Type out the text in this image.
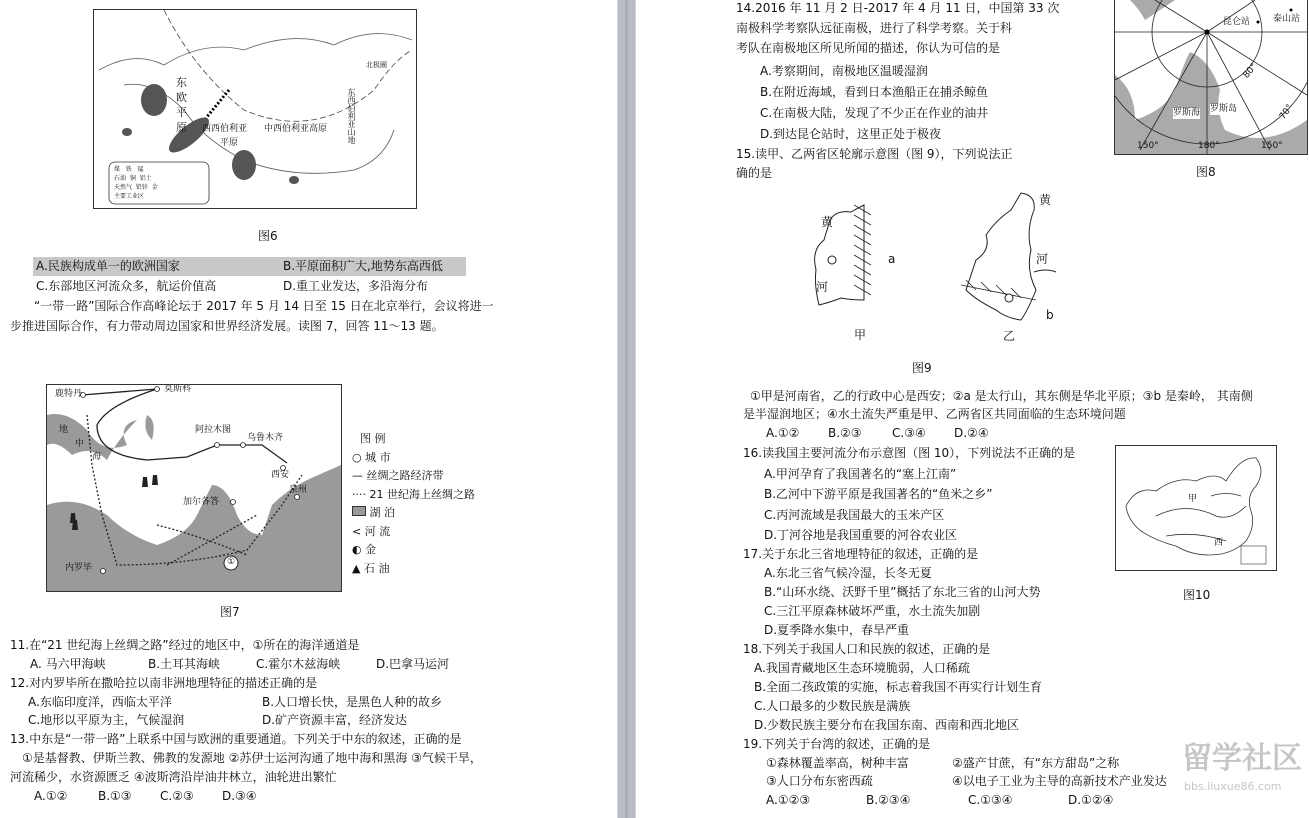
东
欧
平
原 西西伯利亚
平原
中西伯利亚高原 东西伯利亚山地
北极圈
煤 铁 锰
石油 铜 铝土
天然气 铅锌 金
主要工业区
图6
A.民族构成单一的欧洲国家	B.平原面积广大,地势东高西低
C.东部地区河流众多，航运价值高	D.重工业发达，多沿海分布
“一带一路”国际合作高峰论坛于 2017 年 5 月 14 日至 15 日在北京举行，会议将进一
步推进国际合作，有力带动周边国家和世界经济发展。读图 7，回答 11～13 题。
鹿特丹	莫斯科
阿拉木图
乌鲁木齐
西安
泉州
加尔各答
内罗毕
地
中
海
①
图 例
○ 城 市
— 丝绸之路经济带
···· 21 世纪海上丝绸之路
湖 泊
< 河 流
◐ 金
▲ 石 油
图7
11.在“21 世纪海上丝绸之路”经过的地区中，①所在的海洋通道是
A. 马六甲海峡	B.土耳其海峡	C.霍尔木兹海峡	D.巴拿马运河
12.对内罗毕所在撒哈拉以南非洲地理特征的描述正确的是
A.东临印度洋，西临太平洋	B.人口增长快，是黑色人种的故乡
C.地形以平原为主，气候湿润	D.矿产资源丰富，经济发达
13.中东是“一带一路”上联系中国与欧洲的重要通道。下列关于中东的叙述，正确的是
①是基督教、伊斯兰教、佛教的发源地 ②苏伊士运河沟通了地中海和黑海 ③气候干旱，
河流稀少，水资源匮乏 ④波斯湾沿岸油井林立，油轮进出繁忙
A.①②	B.①③ C.②③ D.③④
14.2016 年 11 月 2 日-2017 年 4 月 11 日，中国第 33 次
南极科学考察队远征南极，进行了科学考察。关于科
考队在南极地区所见所闻的描述，你认为可信的是
A.考察期间，南极地区温暖湿润
B.在附近海域，看到日本渔船正在捕杀鲸鱼
C.在南极大陆，发现了不少正在作业的油井
D.到达昆仑站时，这里正处于极夜
15.读甲、乙两省区轮廓示意图（图 9），下列说法正
确的是
昆仑站	泰山站
80°
70°
罗斯海 罗斯岛
150°	180°	150°
图8
黄
河
a
甲
黄
河
b
乙
图9
①甲是河南省，乙的行政中心是西安；②a 是太行山，其东侧是华北平原；③b 是秦岭， 其南侧
是半湿润地区；④水土流失严重是甲、乙两省区共同面临的生态环境问题
A.①② B.②③	C.③④ D.②④
16.读我国主要河流分布示意图（图 10），下列说法不正确的是
A.甲河孕育了我国著名的“塞上江南”
B.乙河中下游平原是我国著名的“鱼米之乡”
C.丙河流域是我国最大的玉米产区
D.丁河谷地是我国重要的河谷农业区
甲
西
图10
17.关于东北三省地理特征的叙述，正确的是
A.东北三省气候冷湿，长冬无夏
B.“山环水绕、沃野千里”概括了东北三省的山河大势
C.三江平原森林破坏严重，水土流失加剧
D.夏季降水集中，春旱严重
18.下列关于我国人口和民族的叙述，正确的是
A.我国青藏地区生态环境脆弱，人口稀疏
B.全面二孩政策的实施，标志着我国不再实行计划生育
C.人口最多的少数民族是满族
D.少数民族主要分布在我国东南、西南和西北地区
19.下列关于台湾的叙述，正确的是
①森林覆盖率高，树种丰富	②盛产甘蔗，有“东方甜岛”之称
③人口分布东密西疏	④以电子工业为主导的高新技术产业发达
A.①②③	B.②③④	C.①③④	D.①②④
留学社区
bbs.liuxue86.com
